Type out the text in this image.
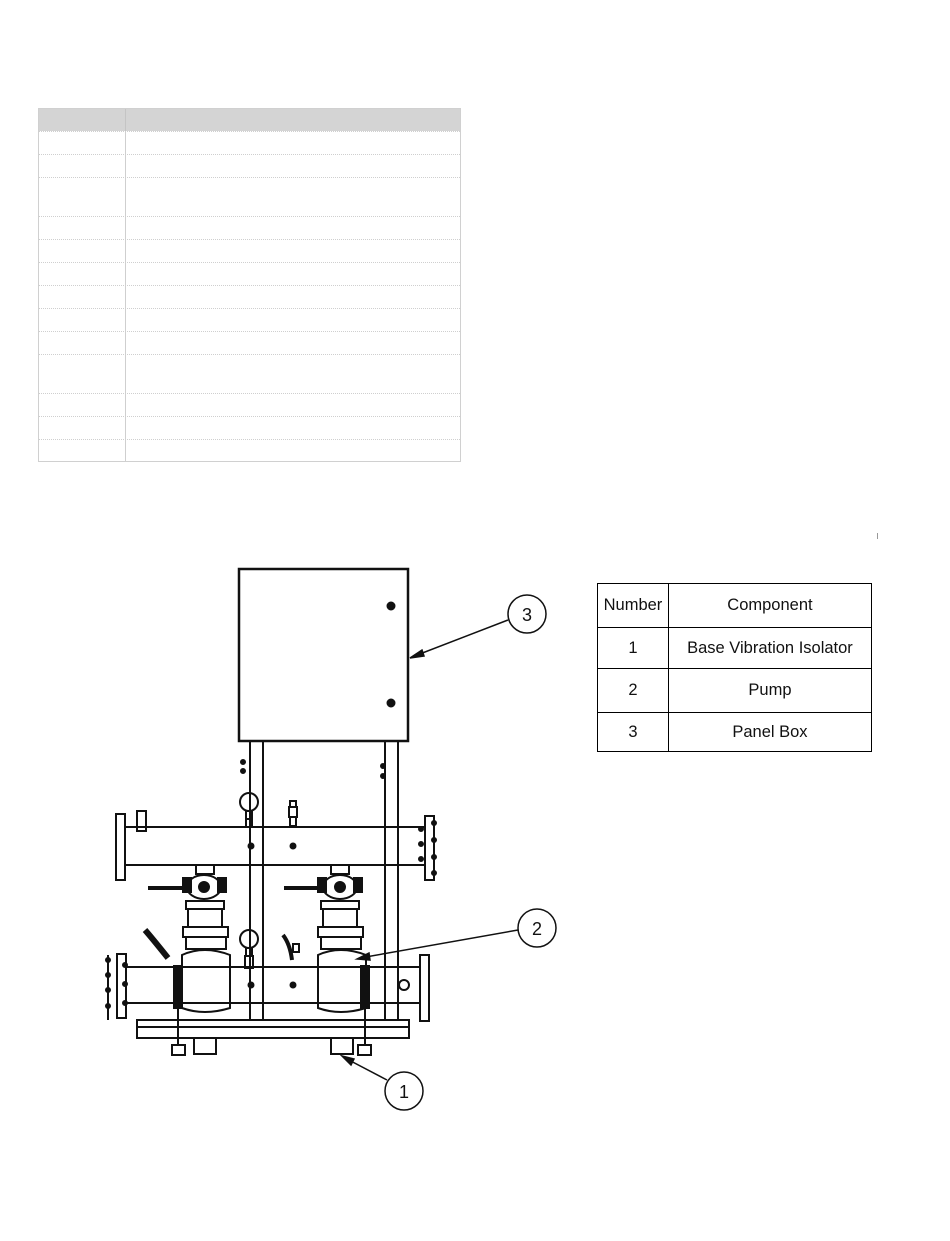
3
2
1
Number	Component
1	Base Vibration Isolator
2	Pump
3	Panel Box
